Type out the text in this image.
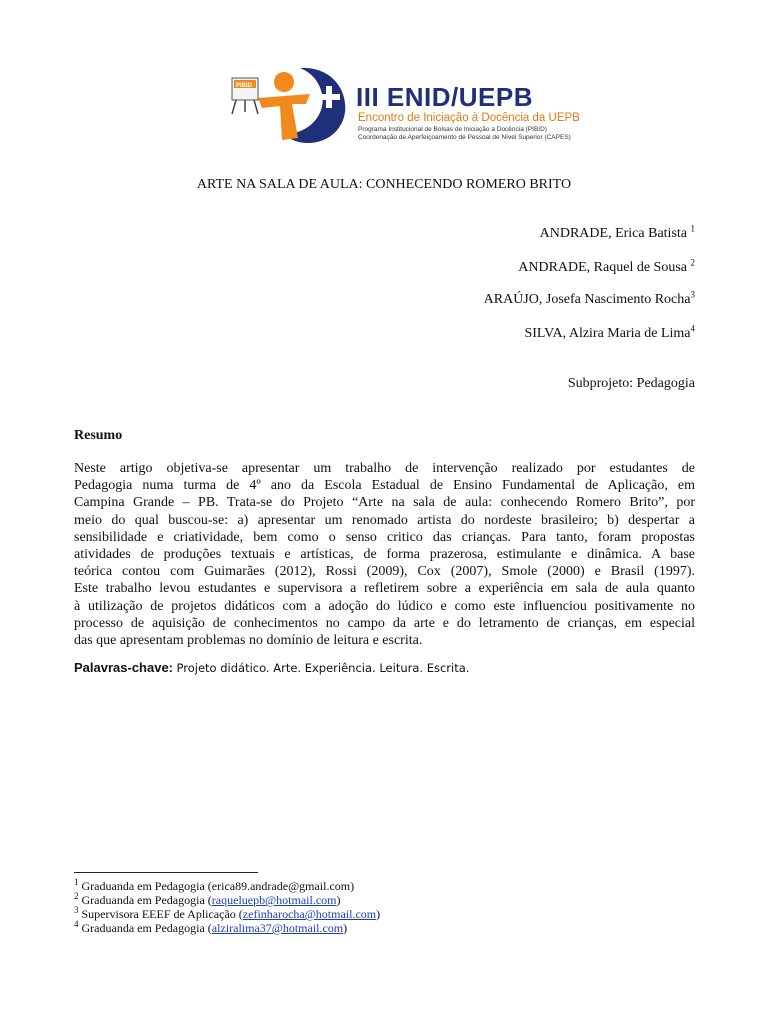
PIBID	III ENID/UEPB
Encontro de Iniciação à Docência da UEPB
Programa Institucional de Bolsas de Iniciação à Docência (PIBID)
Coordenação de Aperfeiçoamento de Pessoal de Nível Superior (CAPES)
ARTE NA SALA DE AULA: CONHECENDO ROMERO BRITO
ANDRADE, Erica Batista $^1$
ANDRADE, Raquel de Sousa $^2$
ARAÚJO, Josefa Nascimento Rocha$^3$
SILVA, Alzira Maria de Lima$^4$
Subprojeto: Pedagogia
Resumo
Neste artigo objetiva-se apresentar um trabalho de intervenção realizado por estudantes de
Pedagogia numa turma de 4º ano da Escola Estadual de Ensino Fundamental de Aplicação, em
Campina Grande – PB. Trata-se do Projeto “Arte na sala de aula: conhecendo Romero Brito”, por
meio do qual buscou-se: a) apresentar um renomado artista do nordeste brasileiro; b) despertar a
sensibilidade e criatividade, bem como o senso critico das crianças. Para tanto, foram propostas
atividades de produções textuais e artísticas, de forma prazerosa, estimulante e dinâmica. A base
teórica contou com Guimarães (2012), Rossi (2009), Cox (2007), Smole (2000) e Brasil (1997).
Este trabalho levou estudantes e supervisora a refletirem sobre a experiência em sala de aula quanto
à utilização de projetos didáticos com a adoção do lúdico e como este influenciou positivamente no
processo de aquisição de conhecimentos no campo da arte e do letramento de crianças, em especial
das que apresentam problemas no domínio de leitura e escrita.
Palavras-chave: Projeto didático. Arte. Experiência. Leitura. Escrita.
$^1$ Graduanda em Pedagogia (erica89.andrade@gmail.com)
$^2$ Graduanda em Pedagogia (raqueluepb@hotmail.com)
$^3$ Supervisora EEEF de Aplicação (zefinharocha@hotmail.com)
$^4$ Graduanda em Pedagogia (alziralima37@hotmail.com)
